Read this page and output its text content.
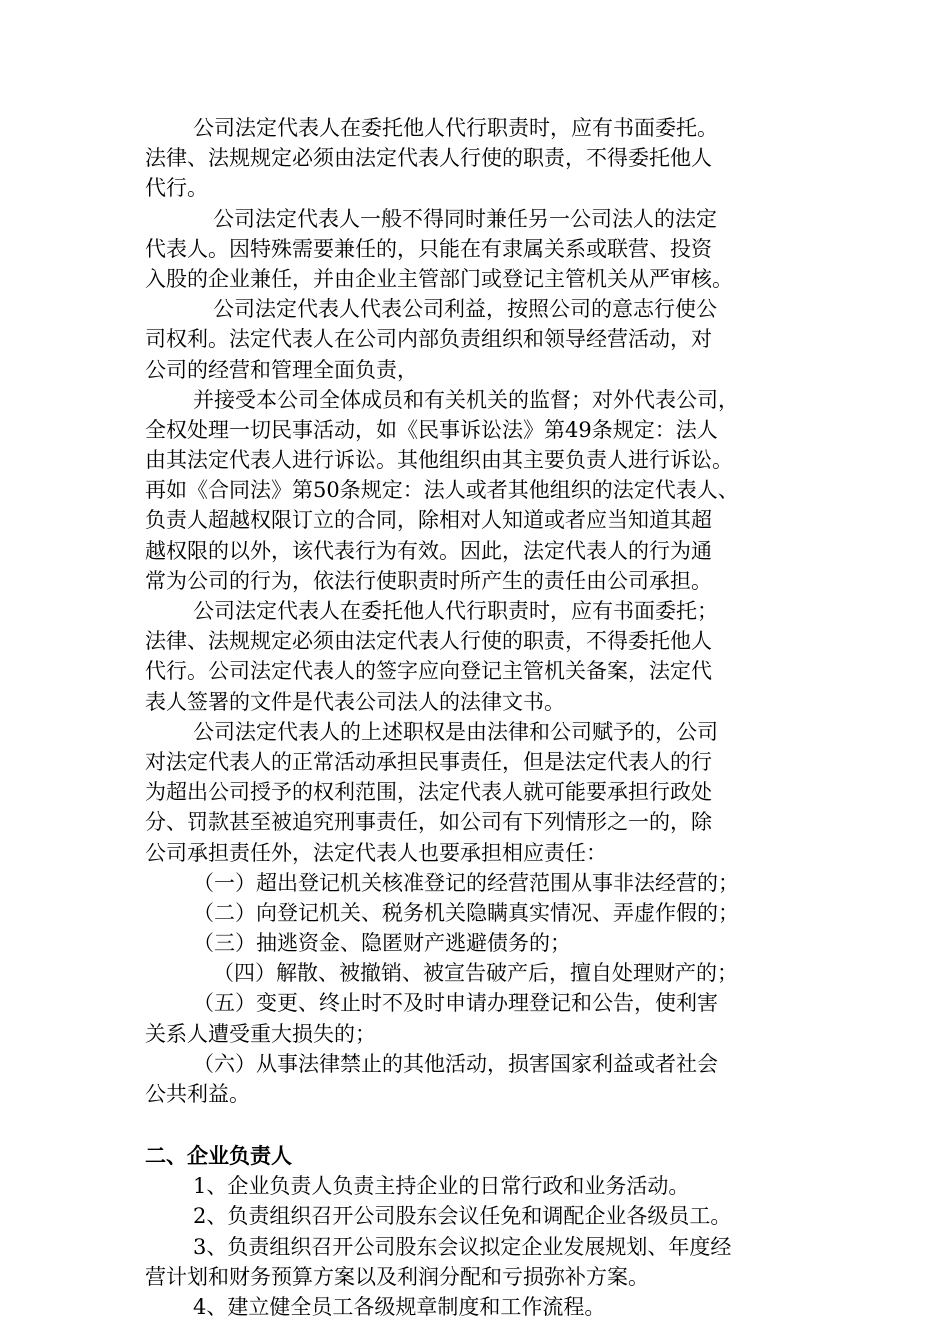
公司法定代表人在委托他人代行职责时，应有书面委托。
法律、法规规定必须由法定代表人行使的职责，不得委托他人
代行。
公司法定代表人一般不得同时兼任另一公司法人的法定
代表人。因特殊需要兼任的，只能在有隶属关系或联营、投资
入股的企业兼任，并由企业主管部门或登记主管机关从严审核。
公司法定代表人代表公司利益，按照公司的意志行使公
司权利。法定代表人在公司内部负责组织和领导经营活动，对
公司的经营和管理全面负责，
并接受本公司全体成员和有关机关的监督；对外代表公司，
全权处理一切民事活动，如《民事诉讼法》第49条规定：法人
由其法定代表人进行诉讼。其他组织由其主要负责人进行诉讼。
再如《合同法》第50条规定：法人或者其他组织的法定代表人、
负责人超越权限订立的合同，除相对人知道或者应当知道其超
越权限的以外，该代表行为有效。因此，法定代表人的行为通
常为公司的行为，依法行使职责时所产生的责任由公司承担。
公司法定代表人在委托他人代行职责时，应有书面委托；
法律、法规规定必须由法定代表人行使的职责，不得委托他人
代行。公司法定代表人的签字应向登记主管机关备案，法定代
表人签署的文件是代表公司法人的法律文书。
公司法定代表人的上述职权是由法律和公司赋予的，公司
对法定代表人的正常活动承担民事责任，但是法定代表人的行
为超出公司授予的权利范围，法定代表人就可能要承担行政处
分、罚款甚至被追究刑事责任，如公司有下列情形之一的，除
公司承担责任外，法定代表人也要承担相应责任：
（一）超出登记机关核准登记的经营范围从事非法经营的；
（二）向登记机关、税务机关隐瞒真实情况、弄虚作假的；
（三）抽逃资金、隐匿财产逃避债务的；
（四）解散、被撤销、被宣告破产后，擅自处理财产的；
（五）变更、终止时不及时申请办理登记和公告，使利害
关系人遭受重大损失的；
（六）从事法律禁止的其他活动，损害国家利益或者社会
公共利益。
二、企业负责人
1、企业负责人负责主持企业的日常行政和业务活动。
2、负责组织召开公司股东会议任免和调配企业各级员工。
3、负责组织召开公司股东会议拟定企业发展规划、年度经
营计划和财务预算方案以及利润分配和亏损弥补方案。
4、建立健全员工各级规章制度和工作流程。
